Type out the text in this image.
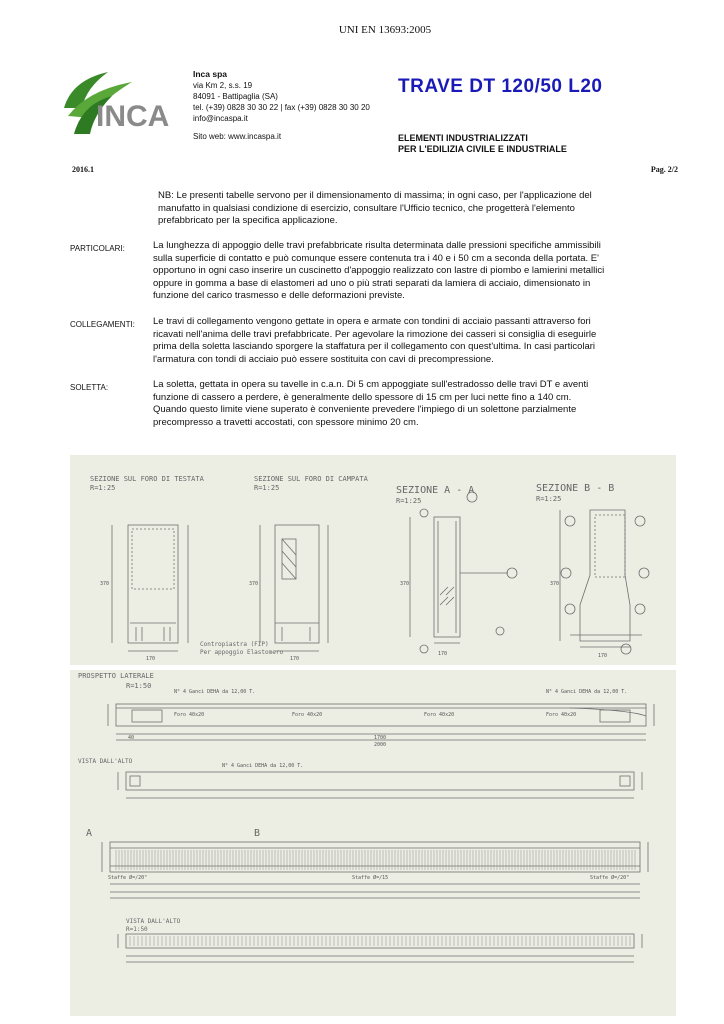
UNI EN 13693:2005
INCA
Inca spa
via Km 2, s.s. 19
84091 - Battipaglia (SA)
tel. (+39) 0828 30 30 22 | fax (+39) 0828 30 30 20
info@incaspa.it
Sito web: www.incaspa.it
TRAVE DT 120/50 L20
ELEMENTI INDUSTRIALIZZATI
PER L'EDILIZIA CIVILE E INDUSTRIALE
2016.1	Pag. 2/2
NB: Le presenti tabelle servono per il dimensionamento di massima; in ogni caso, per l'applicazione del
manufatto in qualsiasi condizione di esercizio, consultare l'Ufficio tecnico, che progetterà l'elemento
prefabbricato per la specifica applicazione.
PARTICOLARI:	La lunghezza di appoggio delle travi prefabbricate risulta determinata dalle pressioni specifiche ammissibili
sulla superficie di contatto e può comunque essere contenuta tra i 40 e i 50 cm a seconda della portata. E'
opportuno in ogni caso inserire un cuscinetto d'appoggio realizzato con lastre di piombo e lamierini metallici
oppure in gomma a base di elastomeri ad uno o più strati separati da lamiera di acciaio, dimensionato in
funzione del carico trasmesso e delle deformazioni previste.
COLLEGAMENTI: Le travi di collegamento vengono gettate in opera e armate con tondini di acciaio passanti attraverso fori
ricavati nell'anima delle travi prefabbricate. Per agevolare la rimozione dei casseri si consiglia di eseguirle
prima della soletta lasciando sporgere la staffatura per il collegamento con quest'ultima. In casi particolari
l'armatura con tondi di acciaio può essere sostituita con cavi di precompressione.
SOLETTA:	La soletta, gettata in opera su tavelle in c.a.n. Di 5 cm appoggiate sull'estradosso delle travi DT e aventi
funzione di cassero a perdere, è generalmente dello spessore di 15 cm per luci nette fino a 140 cm.
Quando questo limite viene superato è conveniente prevedere l'impiego di un solettone parzialmente
precompresso a travetti accostati, con spessore minimo 20 cm.
370
170
370
170
370
170
370
170
SEZIONE SUL FORO DI TESTATA
R=1:25
SEZIONE SUL FORO DI CAMPATA
R=1:25	SEZIONE A - A
R=1:25
SEZIONE B - B
R=1:25
Contropiastra (FIP)
Per appoggio Elastomero
PROSPETTO LATERALE
R=1:50
N° 4 Ganci DEHA da 12,00 T.	N° 4 Ganci DEHA da 12,00 T.
Foro 40x20	Foro 40x20	Foro 40x20	Foro 40x20
2000
1700
40
VISTA DALL'ALTO
N° 4 Ganci DEHA da 12,00 T.
A	B
Staffe Ø=/20"	Staffe Ø=/15	Staffe Ø=/20"
VISTA DALL'ALTO
R=1:50
